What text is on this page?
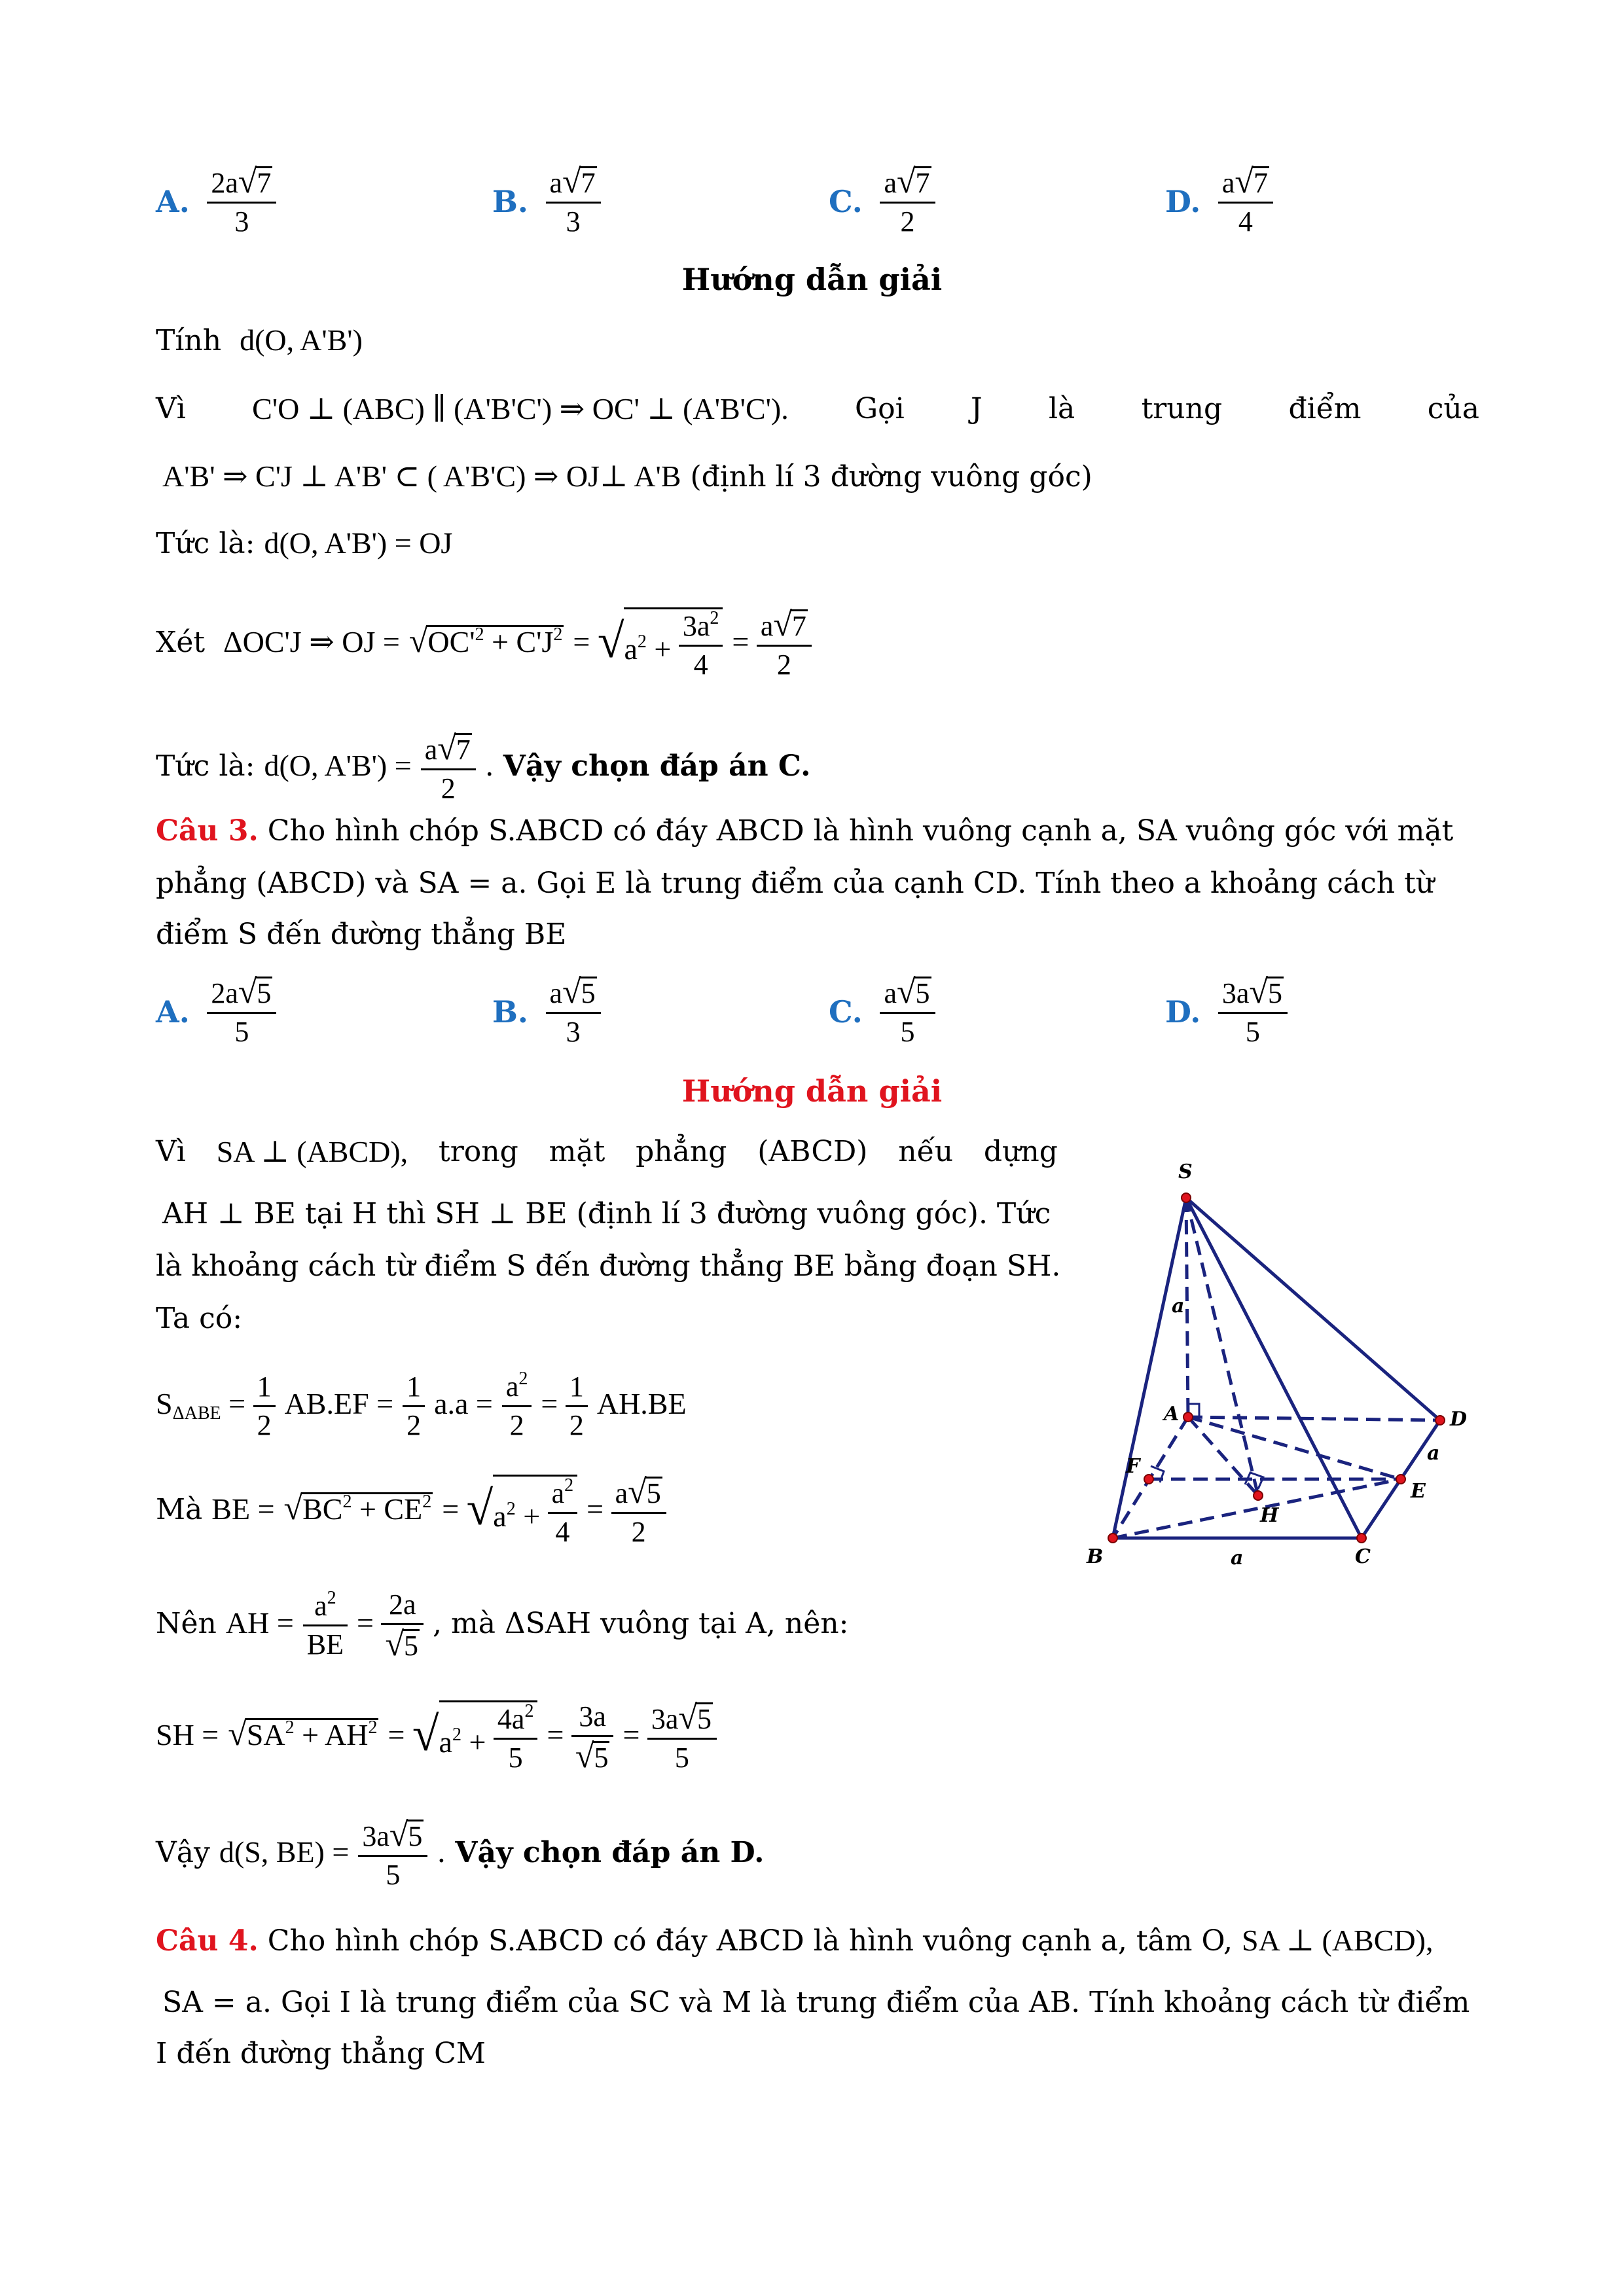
A. $\frac{2a√7}{3}$	B. $\frac{a√7}{3}$	C. $\frac{a√7}{2}$	D. $\frac{a√7}{4}$
Hướng dẫn giải
Tính d(O, A'B')
Vì C'O ⊥ (ABC) ∥ (A'B'C') ⇒ OC' ⊥ (A'B'C'). Gọi J là trung điểm của
A'B' ⇒ C'J ⊥ A'B' ⊂ ( A'B'C) ⇒ OJ⊥ A'B (định lí 3 đường vuông góc)
Tức là: d(O, A'B') = OJ
Xét ΔOC'J ⇒ OJ = $√OC'^2 + C'J^2 = √a^2 + \frac{3a^2}{4} = \frac{a√7}{2}$
Tức là: d(O, $A'B') = \frac{a√7}{2}$ . Vậy chọn đáp án C.
Câu 3. Cho hình chóp S.ABCD có đáy ABCD là hình vuông cạnh a, SA vuông góc với mặt
phẳng (ABCD) và SA = a. Gọi E là trung điểm của cạnh CD. Tính theo a khoảng cách từ
điểm S đến đường thẳng BE
A. $\frac{2a√5}{5}$	B. $\frac{a√5}{3}$	C. $\frac{a√5}{5}$	D. $\frac{3a√5}{5}$
Hướng dẫn giải
Vì SA ⊥ (ABCD), trong mặt phẳng (ABCD) nếu dựng
AH ⊥ BE tại H thì SH ⊥ BE (định lí 3 đường vuông góc). Tức
là khoảng cách từ điểm S đến đường thẳng BE bằng đoạn SH.
Ta có:
$S_{\Delta ABE} = \frac{1}{2} AB.EF = \frac{1}{2} a.a = \frac{a^2}{2} = \frac{1}{2} AH.BE$
Mà BE = $√BC^2 + CE^2 = √a^2 + \frac{a^2}{4} = \frac{a√5}{2}$
Nên AH = $\frac{a^2}{BE} = \frac{2a}{√5}$ , mà ΔSAH vuông tại A, nên:
SH = $√SA^2 + AH^2 = √a^2 + \frac{4a^2}{5} = \frac{3a}{√5} = \frac{3a√5}{5}$
Vậy d(S, $BE) = \frac{3a√5}{5}$ . Vậy chọn đáp án D.
Câu 4. Cho hình chóp S.ABCD có đáy ABCD là hình vuông cạnh a, tâm O, SA ⊥ (ABCD),
SA = a. Gọi I là trung điểm của SC và M là trung điểm của AB. Tính khoảng cách từ điểm
I đến đường thẳng CM
S
A	D
B	C
E
F
H
a
a
a
